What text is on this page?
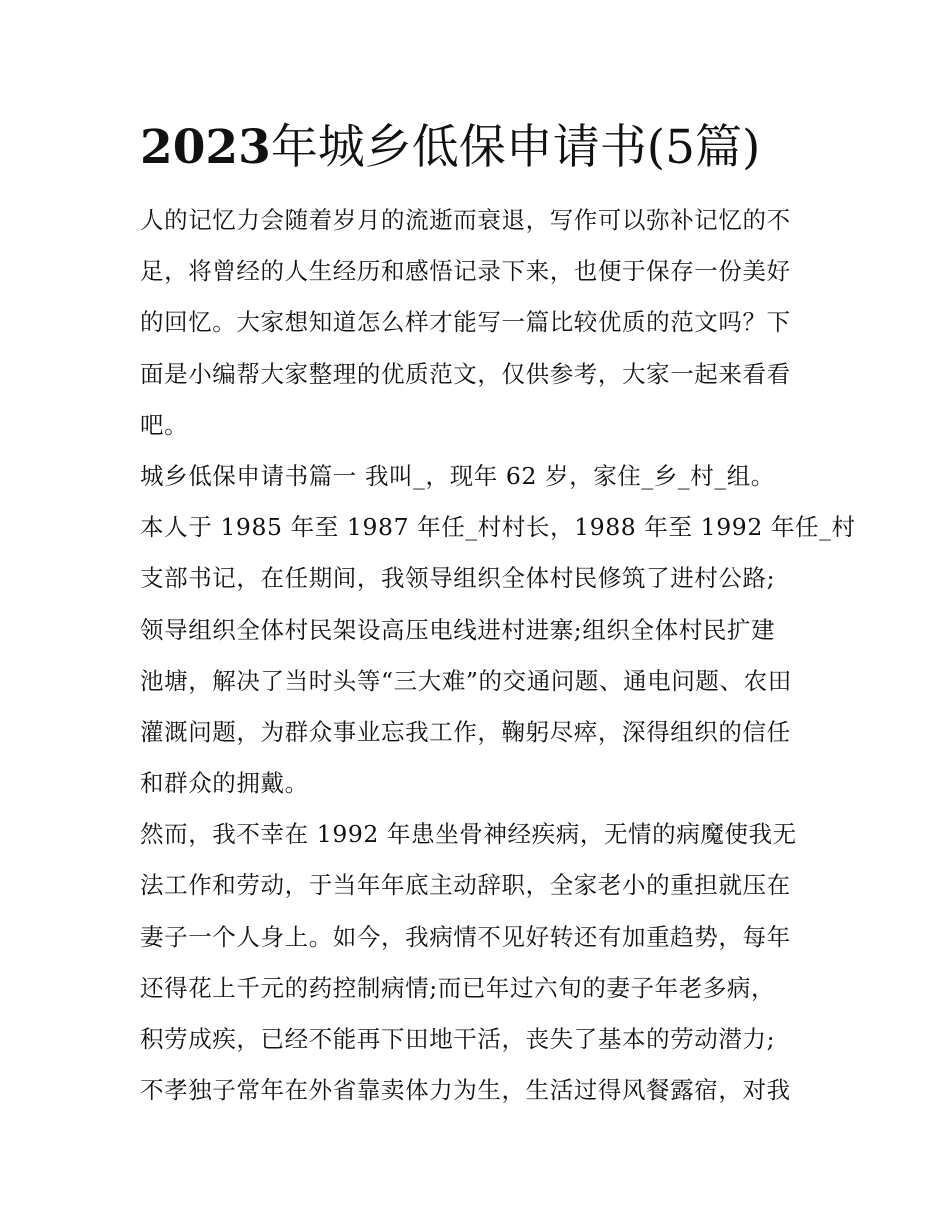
2023年城乡低保申请书(5篇)
人的记忆力会随着岁月的流逝而衰退，写作可以弥补记忆的不
足，将曾经的人生经历和感悟记录下来，也便于保存一份美好
的回忆。大家想知道怎么样才能写一篇比较优质的范文吗？下
面是小编帮大家整理的优质范文，仅供参考，大家一起来看看
吧。
城乡低保申请书篇一 我叫_，现年 62 岁，家住_乡_村_组。
本人于 1985 年至 1987 年任_村村长，1988 年至 1992 年任_村
支部书记，在任期间，我领导组织全体村民修筑了进村公路;
领导组织全体村民架设高压电线进村进寨;组织全体村民扩建
池塘，解决了当时头等“三大难”的交通问题、通电问题、农田
灌溉问题，为群众事业忘我工作，鞠躬尽瘁，深得组织的信任
和群众的拥戴。
然而，我不幸在 1992 年患坐骨神经疾病，无情的病魔使我无
法工作和劳动，于当年年底主动辞职，全家老小的重担就压在
妻子一个人身上。如今，我病情不见好转还有加重趋势，每年
还得花上千元的药控制病情;而已年过六旬的妻子年老多病，
积劳成疾，已经不能再下田地干活，丧失了基本的劳动潜力;
不孝独子常年在外省靠卖体力为生，生活过得风餐露宿，对我
